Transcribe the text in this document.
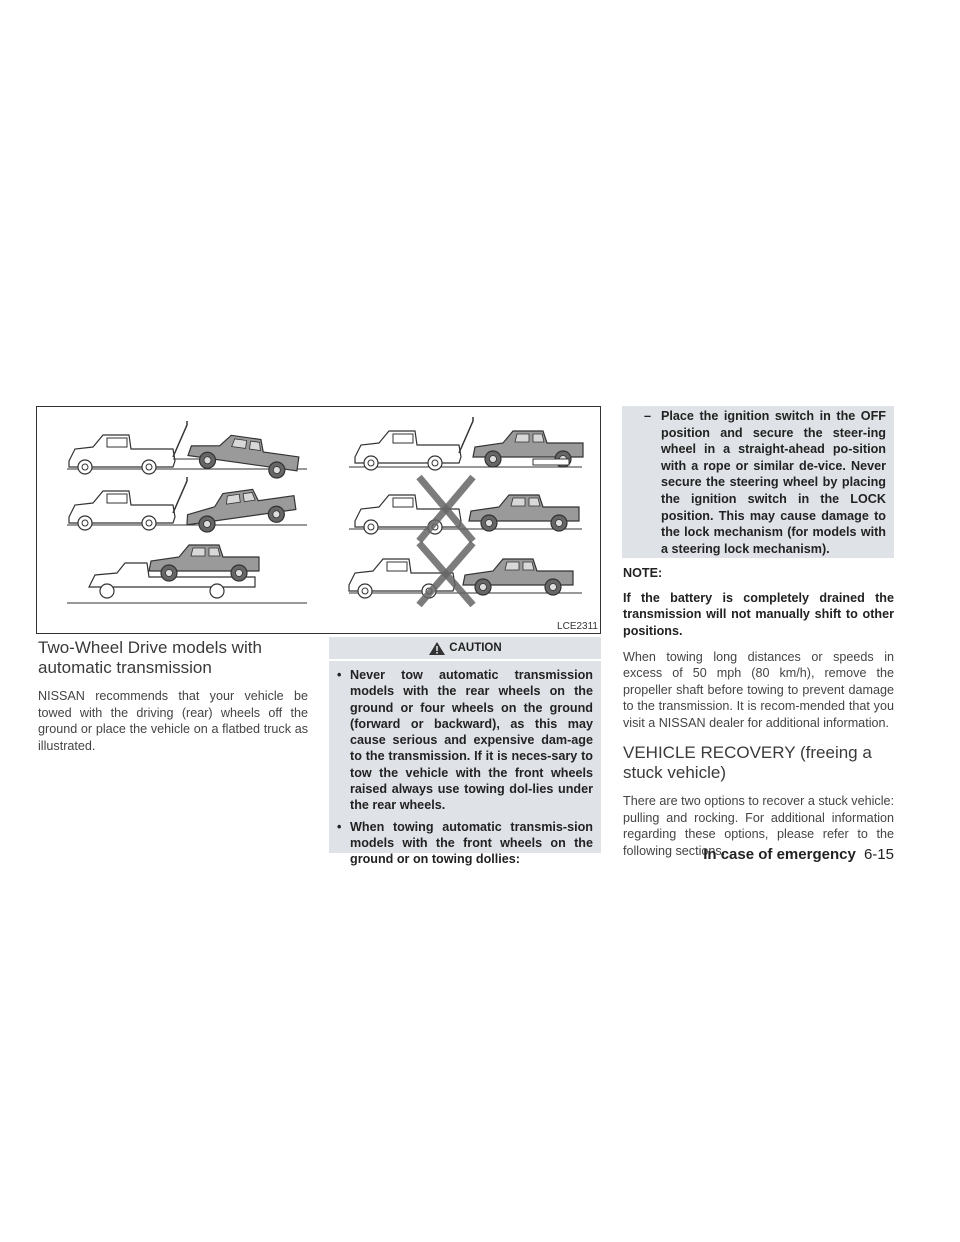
LCE2311
Two-Wheel Drive models with automatic transmission

NISSAN recommends that your vehicle be towed with the driving (rear) wheels off the ground or place the vehicle on a flatbed truck as illustrated.

CAUTION
• Never tow automatic transmission models with the rear wheels on the ground or four wheels on the ground (forward or backward), as this may cause serious and expensive dam-age to the transmission. If it is neces-sary to tow the vehicle with the front wheels raised always use towing dol-lies under the rear wheels.
• When towing automatic transmis-sion models with the front wheels on the ground or on towing dollies:

– Place the ignition switch in the OFF position and secure the steer-ing wheel in a straight-ahead po-sition with a rope or similar de-vice. Never secure the steering wheel by placing the ignition switch in the LOCK position. This may cause damage to the lock mechanism (for models with a steering lock mechanism).

NOTE:

If the battery is completely drained the transmission will not manually shift to other positions.

When towing long distances or speeds in excess of 50 mph (80 km/h), remove the propeller shaft before towing to prevent damage to the transmission. It is recom-mended that you visit a NISSAN dealer for additional information.

VEHICLE RECOVERY (freeing a stuck vehicle)

There are two options to recover a stuck vehicle: pulling and rocking. For additional information regarding these options, please refer to the following sections.

In case of emergency 6-15
